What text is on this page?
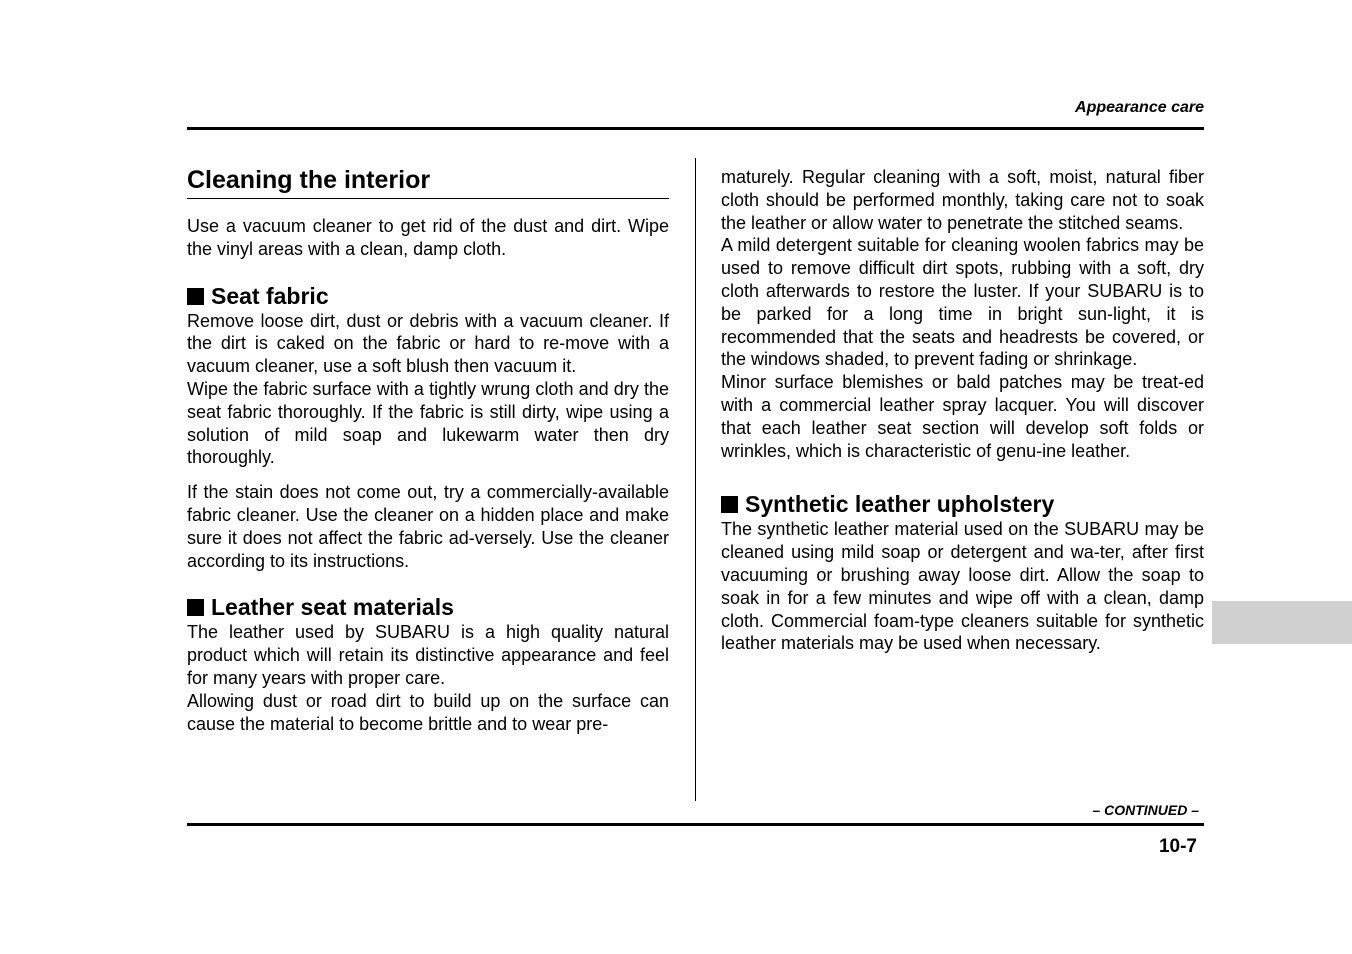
Appearance care
Cleaning the interior

Use a vacuum cleaner to get rid of the dust and dirt. Wipe the vinyl areas with a clean, damp cloth.

Seat fabric

Remove loose dirt, dust or debris with a vacuum cleaner. If the dirt is caked on the fabric or hard to re-move with a vacuum cleaner, use a soft blush then vacuum it.

Wipe the fabric surface with a tightly wrung cloth and dry the seat fabric thoroughly. If the fabric is still dirty, wipe using a solution of mild soap and lukewarm water then dry thoroughly.

If the stain does not come out, try a commercially-available fabric cleaner. Use the cleaner on a hidden place and make sure it does not affect the fabric ad-versely. Use the cleaner according to its instructions.

Leather seat materials

The leather used by SUBARU is a high quality natural product which will retain its distinctive appearance and feel for many years with proper care.

Allowing dust or road dirt to build up on the surface can cause the material to become brittle and to wear pre-

maturely. Regular cleaning with a soft, moist, natural fiber cloth should be performed monthly, taking care not to soak the leather or allow water to penetrate the stitched seams.

A mild detergent suitable for cleaning woolen fabrics may be used to remove difficult dirt spots, rubbing with a soft, dry cloth afterwards to restore the luster. If your SUBARU is to be parked for a long time in bright sun-light, it is recommended that the seats and headrests be covered, or the windows shaded, to prevent fading or shrinkage.

Minor surface blemishes or bald patches may be treat-ed with a commercial leather spray lacquer. You will discover that each leather seat section will develop soft folds or wrinkles, which is characteristic of genu-ine leather.

Synthetic leather upholstery

The synthetic leather material used on the SUBARU may be cleaned using mild soap or detergent and wa-ter, after first vacuuming or brushing away loose dirt. Allow the soap to soak in for a few minutes and wipe off with a clean, damp cloth. Commercial foam-type cleaners suitable for synthetic leather materials may be used when necessary.

– CONTINUED –
10-7
